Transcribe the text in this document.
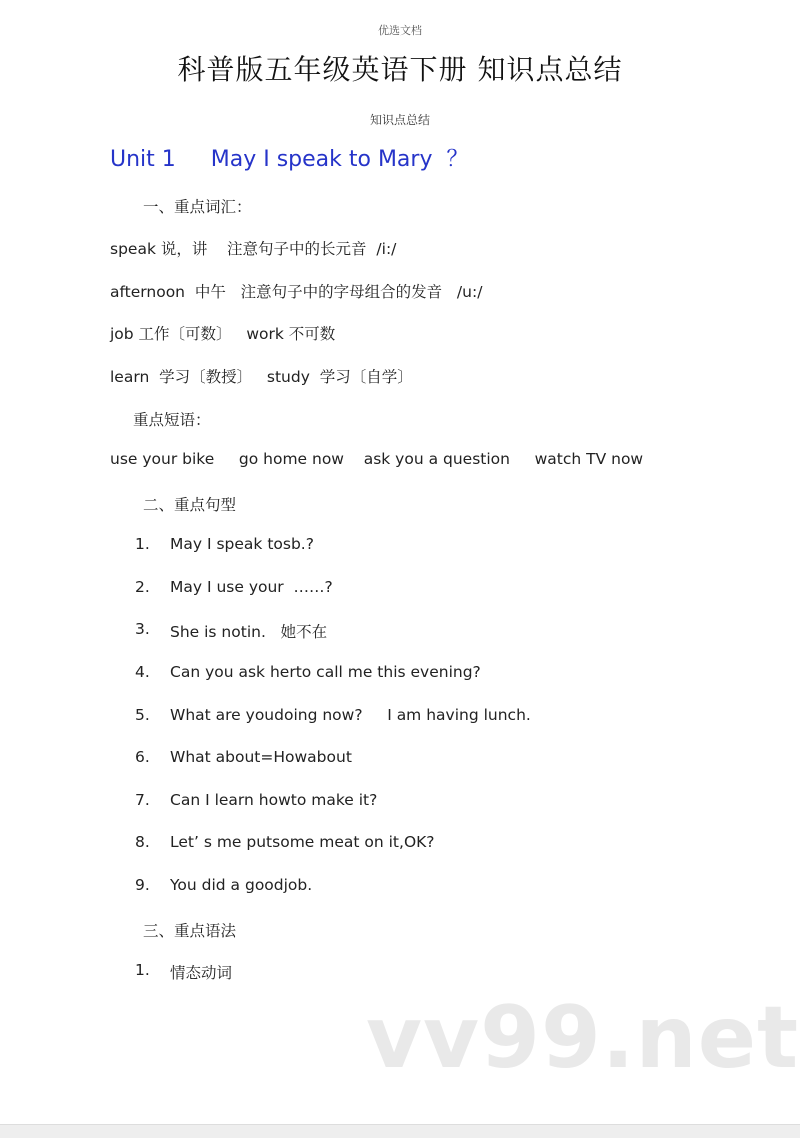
优选文档
科普版五年级英语下册 知识点总结
知识点总结
Unit 1     May I speak to Mary  ？
一、重点词汇：
speak 说，讲    注意句子中的长元音  /i:/
afternoon  中午   注意句子中的字母组合的发音   /u:/
job 工作〔可数〕   work 不可数
learn  学习〔教授〕   study  学习〔自学〕
重点短语：
use your bike     go home now    ask you a question     watch TV now
二、重点句型
1. May I speak tosb.?
2. May I use your  ……?
3. She is notin.   她不在
4. Can you ask herto call me this evening?
5. What are youdoing now?     I am having lunch.
6. What about=Howabout
7. Can I learn howto make it?
8. Let’ s me putsome meat on it,OK?
9. You did a goodjob.
三、重点语法
1. 情态动词
vv99.net
